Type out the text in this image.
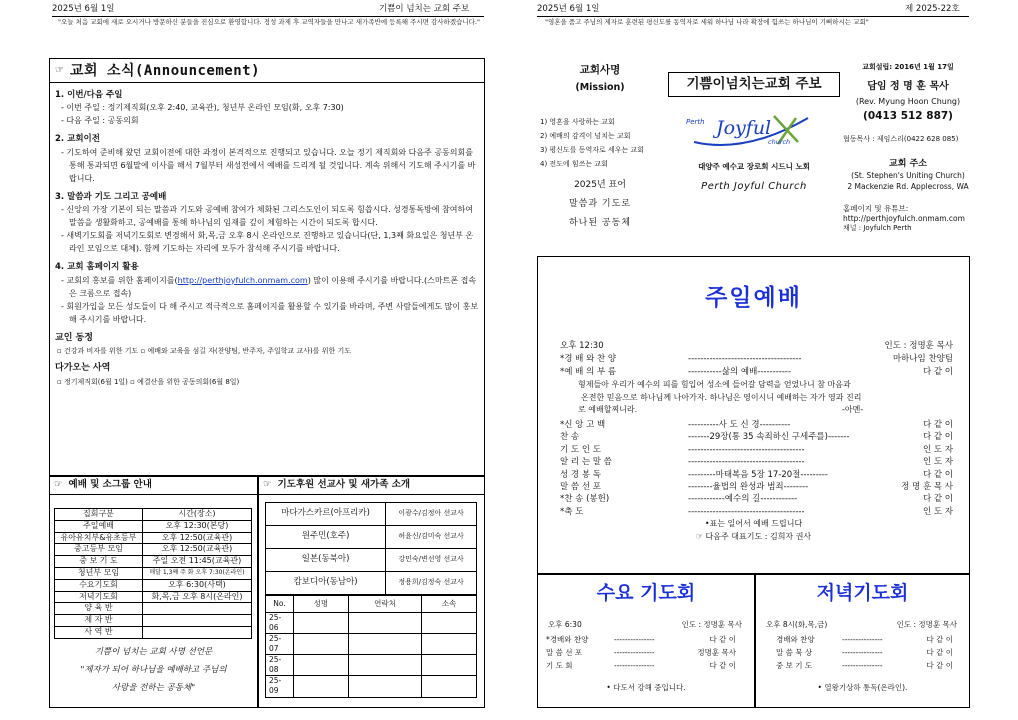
2025년 6월 1일	기쁨이 넘치는 교회 주보
"오늘 처음 교회에 새로 오시거나 방문하신 분들을 진심으로 환영합니다. 정성 과제 후 교역자들을 만나고 새가족반에 등록해 주시면 감사하겠습니다."
2025년 6월 1일	제 2025-22호
"영혼을 품고 주님의 제자로 훈련된 평신도를 동역자로 세워 하나님 나라 확장에 힘쓰는 하나님이 기뻐하시는 교회"
☞ 교회 소식(Announcement)
1. 이번/다음 주일
- 이번 주일 : 정기제직회(오후 2:40, 교육관), 청년부 온라인 모임(화, 오후 7:30)
- 다음 주일 : 공동의회
2. 교회이전
- 기도하여 준비해 왔던 교회이전에 대한 과정이 본격적으로 진행되고 있습니다. 오늘 정기 제직회와 다음주 공동의회를 통해 통과되면 6월말에 이사를 해서 7월부터 새성전에서 예배를 드리게 될 것입니다. 계속 위해서 기도해 주시기를 바랍니다.
3. 말씀과 기도 그리고 공예배
- 신앙의 가장 기본이 되는 말씀과 기도와 공예배 참여가 체화된 그리스도인이 되도록 힘씁시다. 성경통독방에 참여하여 말씀을 생활화하고, 공예배를 통해 하나님의 임재를 깊이 체험하는 시간이 되도록 합시다.
- 새벽기도회를 저녁기도회로 변경해서 화,목,금 오후 8시 온라인으로 진행하고 있습니다(단, 1,3째 화요일은 청년부 온라인 모임으로 대체). 함께 기도하는 자리에 모두가 참석해 주시기를 바랍니다.
4. 교회 홈페이지 활용
- 교회의 홍보를 위한 홈페이지를(http://perthjoyfulch.onmam.com) 많이 이용해 주시기를 바랍니다.(스마트폰 접속은 크롬으로 접속)
- 회원가입을 모든 성도들이 다 해 주시고 적극적으로 홈페이지를 활용할 수 있기를 바라며, 주변 사람들에게도 많이 홍보해 주시기를 바랍니다.
교인 동정
▫ 건강과 비자를 위한 기도 ▫ 예배와 교육을 섬길 자(찬양팀, 반주자, 주일학교 교사)를 위한 기도
다가오는 사역
▫ 정기제직회(6월 1일) ▫ 예결산을 위한 공동의회(6월 8일)
☞ 예배 및 소그룹 안내
집회구분	시간(장소)
주일예배	오후 12:30(본당)
유아유치부&유초등부	오후 12:50(교육관)
중고등부 모임	오후 12:50(교육관)
중 보 기 도	주일 오전 11:45(교육관)
청년부 모임	매달 1,3째 주 화 오후 7:30(온라인)
수요기도회	오후 6:30(사택)
저녁기도회	화,목,금 오후 8시(온라인)
양 육 반	
제 자 반	
사 역 반	
기쁨이 넘치는 교회 사명 선언문
"제자가 되어 하나님을 예배하고 주님의
사랑을 전하는 공동체"
☞ 기도후원 선교사 및 새가족 소개
마다가스카르(아프리카)	이광수/김정아 선교사
원주민(호주)	허윤신/김미숙 선교사
일본(동북아)	강민숙/변선영 선교사
캄보디아(동남아)	정용희/김정숙 선교사
No.	성명	연락처	소속
25-06			
25-07			
25-08			
25-09			
교회사명
(Mission)
1) 영혼을 사랑하는 교회
2) 예배의 감격이 넘치는 교회
3) 평신도를 동역자로 세우는 교회
4) 전도에 힘쓰는 교회
2025년 표어
말씀과 기도로
하나된 공동체
기쁨이넘치는교회 주보
Perth Joyful
church
대양주 예수교 장로회 시드니 노회
Perth Joyful Church
교회설립: 2016년 1월 17일
담임 정 명 훈 목사
(Rev. Myung Hoon Chung)
(0413 512 887)
협동목사 : 제임스리(0422 628 085)
교회 주소
(St. Stephen's Uniting Church)
2 Mackenzie Rd. Applecross, WA
홈페이지 및 유튜브:
http://perthjoyfulch.onmam.com
채널 : Joyfulch Perth
주일예배
오후 12:30	인도 : 정명훈 목사
*경 배 와 찬 양	-------------------------------------	마하나임 찬양팀
*예 배 의 부 름	-----------삶의 예배-----------	다 같 이
형제들아 우리가 예수의 피를 힘입어 성소에 들어갈 담력을 얻었나니 참 마음과
온전한 믿음으로 하나님께 나아가자. 하나님은 영이시니 예배하는 자가 영과 진리
로 예배할찌니라.	-아멘-
*신 앙 고 백	----------사 도 신 경----------	다 같 이
찬 송	-------29장(통 35 속죄하신 구세주를)-------	다 같 이
기 도 인 도	--------------------------------------	인 도 자
알 리 는 말 씀	--------------------------------------	인 도 자
성 경 봉 독	---------마태복음 5장 17-20절---------	다 같 이
말 씀 선 포	--------율법의 완성과 범죄--------	정 명 훈 목 사
*찬 송 (봉헌)	------------예수의 길------------	다 같 이
*축 도	--------------------------------------	인 도 자
•표는 일어서 예배 드립니다
☞ 다음주 대표기도 : 김희자 권사
수요 기도회
오후 6:30	인도 : 정명훈 목사
*경배와 찬양	---------------	다 같 이
말 씀 선 포	---------------	정명훈 목사
기 도 회	---------------	다 같 이
• 다도서 강해 중입니다.
저녁기도회
오후 8시(화,목,금)	인도 : 정명훈 목사
경배와 찬양	---------------	다 같 이
말 씀 묵 상	---------------	다 같 이
중 보 기 도	---------------	다 같 이
• 열왕기상하 통독(온라인).
